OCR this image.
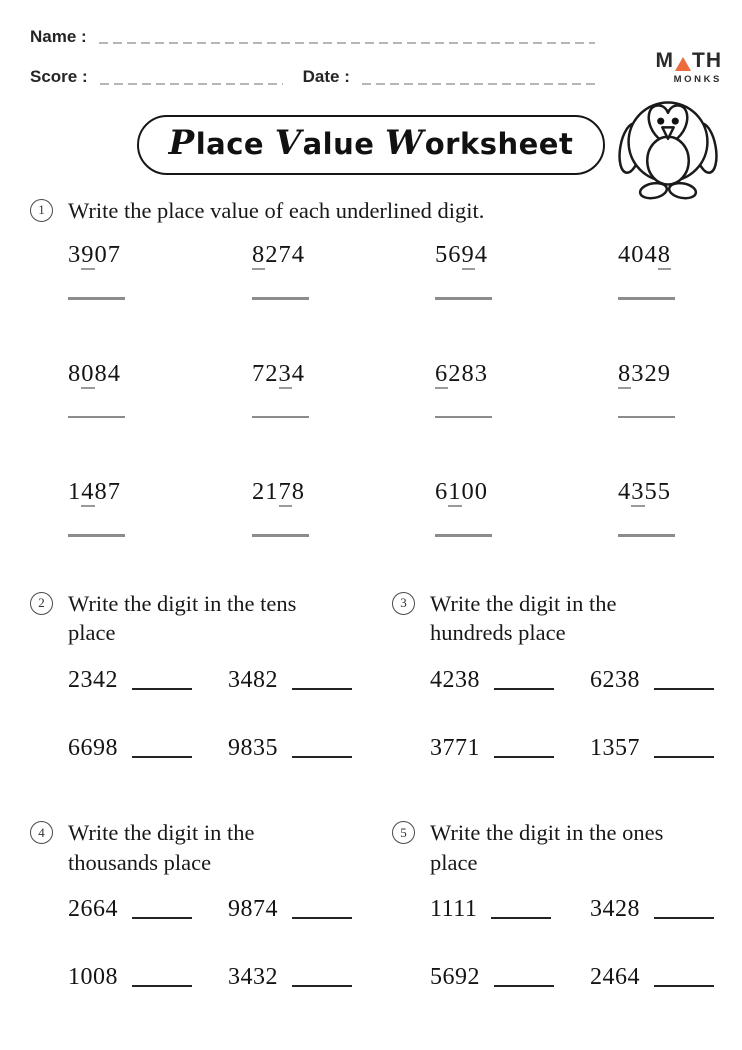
Name :
Score :	Date :
M TH
MONKS
Place Value Worksheet
1	Write the place value of each underlined digit.
3907	8274	5694	4048
8084	7234	6283	8329
1487	2178	6100	4355
2	Write the digit in the tens place
2342	3482
6698	9835
3	Write the digit in the hundreds place
4238	6238
3771	1357
4	Write the digit in the thousands place
2664	9874
1008	3432
5	Write the digit in the ones place
1111	3428
5692	2464
